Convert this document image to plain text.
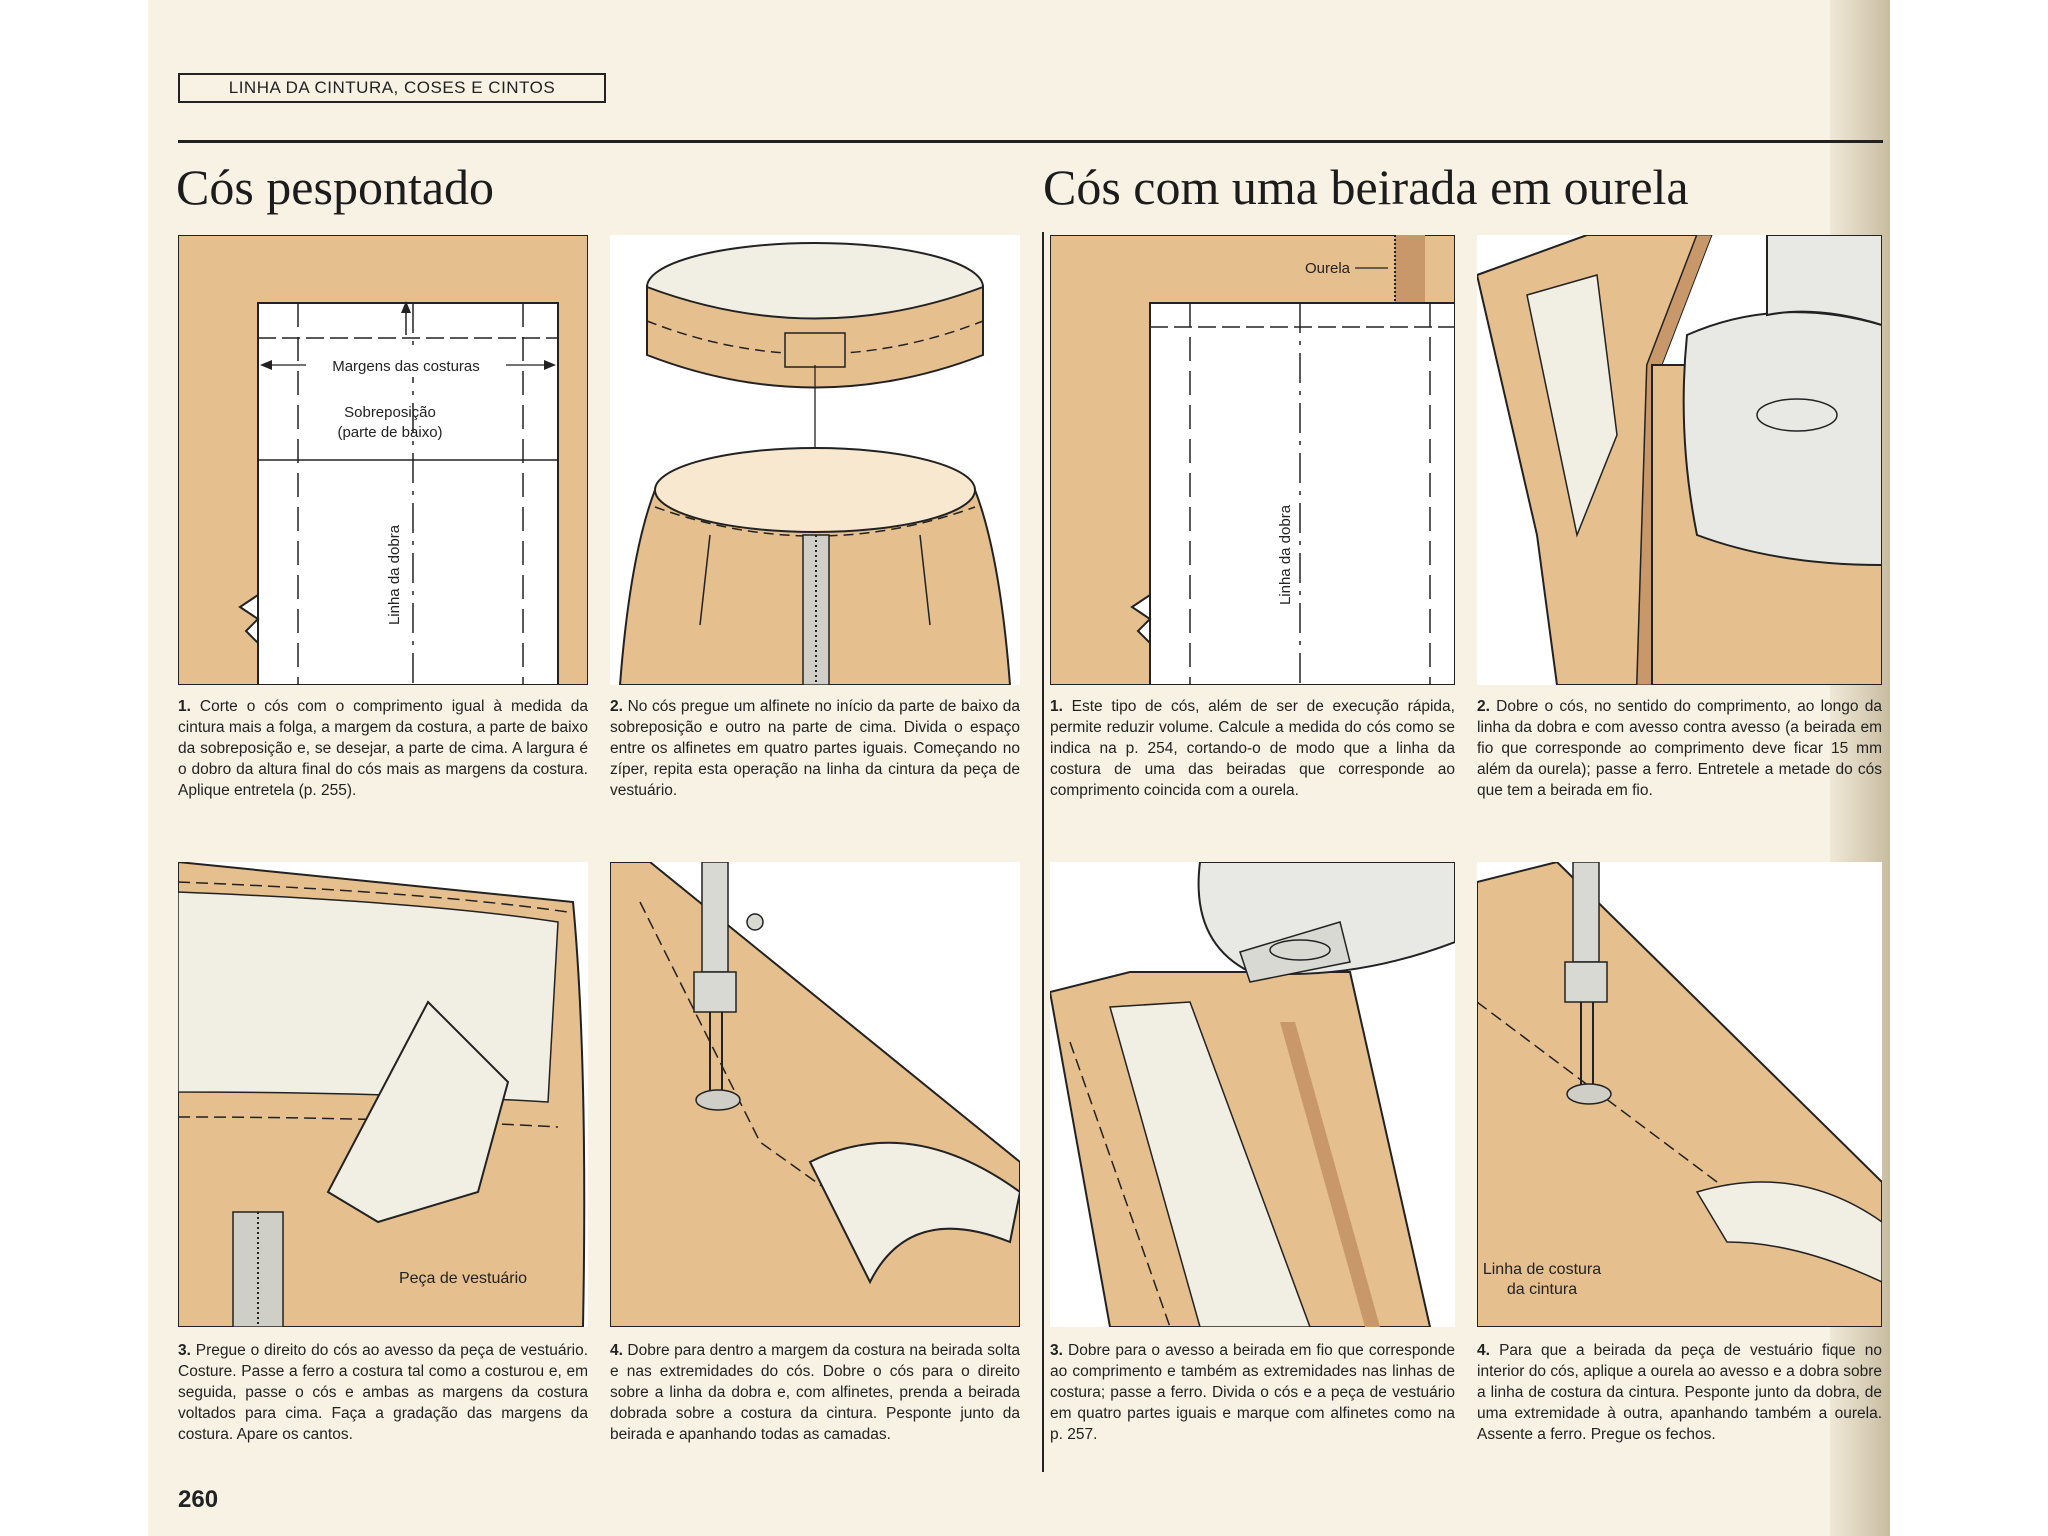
LINHA DA CINTURA, COSES E CINTOS
Cós pespontado	Cós com uma beirada em ourela
Margens das costuras
Sobreposição
(parte de baixo)
Linha da dobra
Peça de vestuário
Ourela
Linha da dobra
Linha de costura
da cintura
1. Corte o cós com o comprimento igual à medida da cintura mais a folga, a margem da costura, a parte de baixo da sobreposição e, se desejar, a parte de cima. A largura é o dobro da altura final do cós mais as margens da costura. Aplique entretela (p. 255).
2. No cós pregue um alfinete no início da parte de baixo da sobreposição e outro na parte de cima. Divida o espaço entre os alfinetes em quatro partes iguais. Começando no zíper, repita esta operação na linha da cintura da peça de vestuário.
1. Este tipo de cós, além de ser de execução rápida, permite reduzir volume. Calcule a medida do cós como se indica na p. 254, cortando-o de modo que a linha da costura de uma das beiradas que corresponde ao comprimento coincida com a ourela.
2. Dobre o cós, no sentido do comprimento, ao longo da linha da dobra e com avesso contra avesso (a beirada em fio que corresponde ao comprimento deve ficar 15 mm além da ourela); passe a ferro. Entretele a metade do cós que tem a beirada em fio.
3. Pregue o direito do cós ao avesso da peça de vestuário. Costure. Passe a ferro a costura tal como a costurou e, em seguida, passe o cós e ambas as margens da costura voltados para cima. Faça a gradação das margens da costura. Apare os cantos.
4. Dobre para dentro a margem da costura na beirada solta e nas extremidades do cós. Dobre o cós para o direito sobre a linha da dobra e, com alfinetes, prenda a beirada dobrada sobre a costura da cintura. Pesponte junto da beirada e apanhando todas as camadas.
3. Dobre para o avesso a beirada em fio que corresponde ao comprimento e também as extremidades nas linhas de costura; passe a ferro. Divida o cós e a peça de vestuário em quatro partes iguais e marque com alfinetes como na p. 257.
4. Para que a beirada da peça de vestuário fique no interior do cós, aplique a ourela ao avesso e a dobra sobre a linha de costura da cintura. Pesponte junto da dobra, de uma extremidade à outra, apanhando também a ourela. Assente a ferro. Pregue os fechos.
260
